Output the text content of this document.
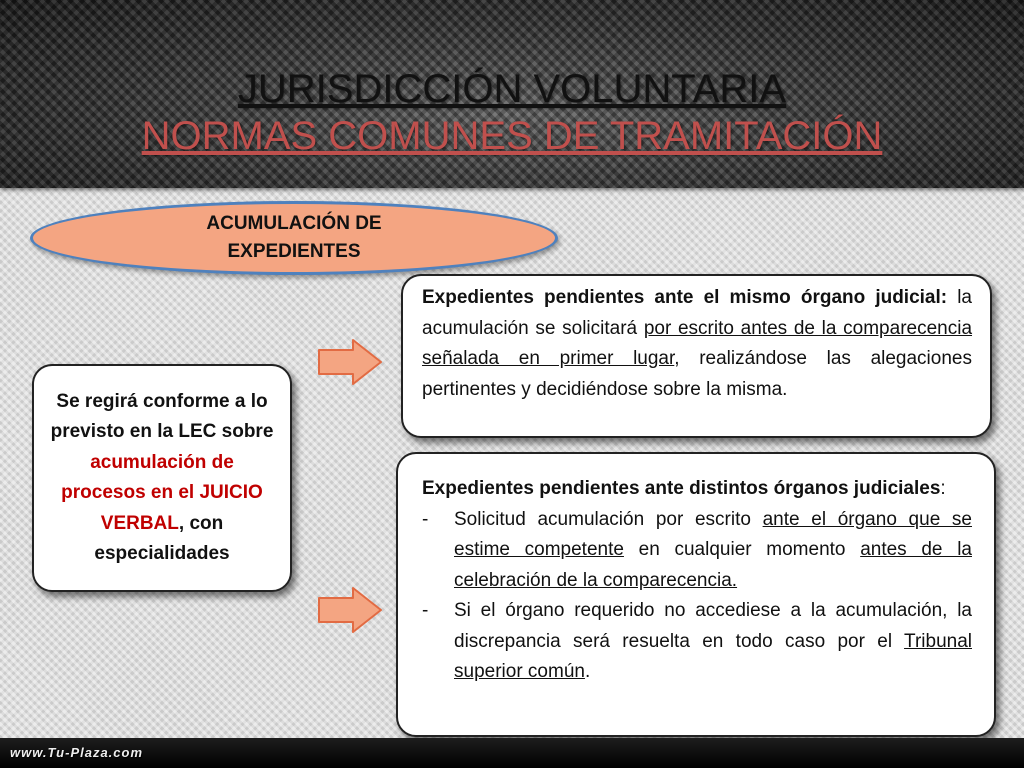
JURISDICCIÓN VOLUNTARIA
NORMAS COMUNES DE TRAMITACIÓN
ACUMULACIÓN DE EXPEDIENTES
Se regirá conforme a lo previsto en la LEC sobre acumulación de procesos en el JUICIO VERBAL, con especialidades
Expedientes pendientes ante el mismo órgano judicial: la acumulación se solicitará por escrito antes de la comparecencia señalada en primer lugar, realizándose las alegaciones pertinentes y decidiéndose sobre la misma.
Expedientes pendientes ante distintos órganos judiciales:
- Solicitud acumulación por escrito ante el órgano que se estime competente en cualquier momento antes de la celebración de la comparecencia.
- Si el órgano requerido no accediese a la acumulación, la discrepancia será resuelta en todo caso por el Tribunal superior común.
www.Tu-Plaza.com
